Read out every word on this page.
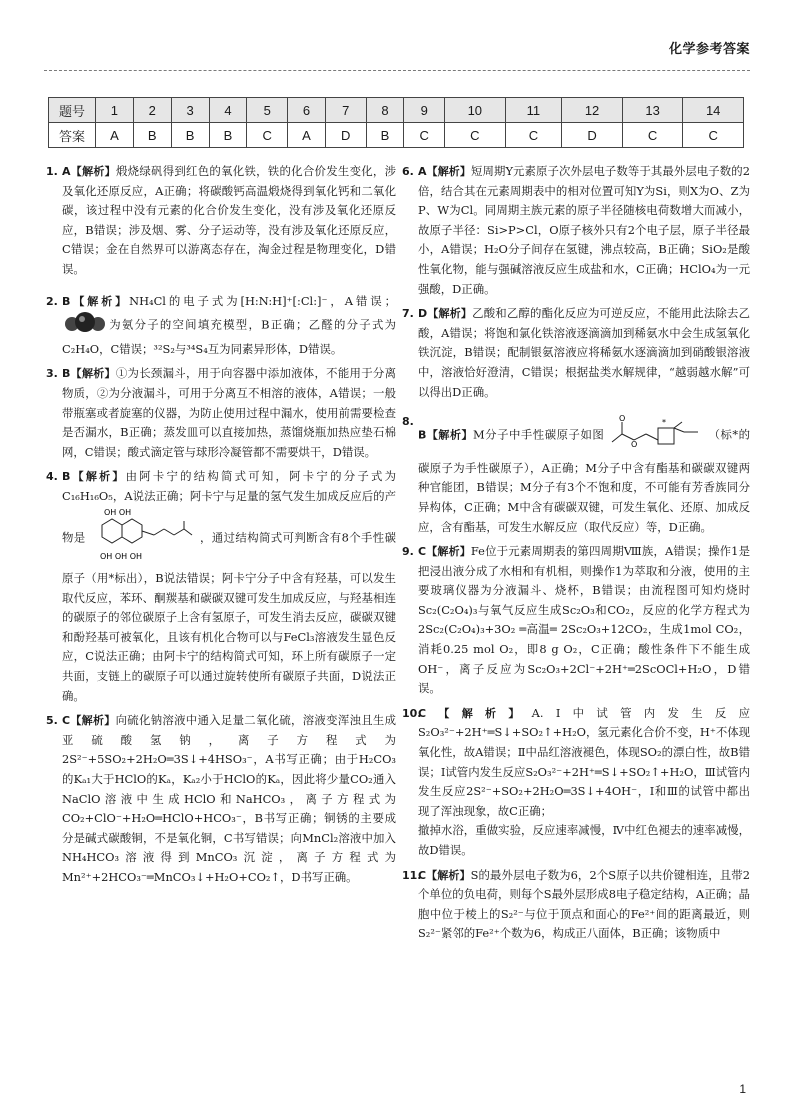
化学参考答案
题号	1	2	3	4	5	6	7	8	9	10	11	12	13	14
答案	A	B	B	B	C	A	D	B	C	C	C	D	C	C
1. A【解析】煅烧绿矾得到红色的氧化铁，铁的化合价发生变化，涉及氧化还原反应，A正确；将碳酸钙高温煅烧得到氧化钙和二氧化碳，该过程中没有元素的化合价发生变化，没有涉及氧化还原反应，B错误；涉及烟、雾、分子运动等，没有涉及氧化还原反应，C错误；金在自然界可以游离态存在，淘金过程是物理变化，D错误。
2. B【解析】NH₄Cl的电子式为[H:N:H]⁺[:Cl:]⁻，A错误； 为氨分子的空间填充模型，B正确；乙醛的分子式为C₂H₄O，C错误；³²S₂与³⁴S₄互为同素异形体，D错误。
3. B【解析】①为长颈漏斗，用于向容器中添加液体，不能用于分离物质，②为分液漏斗，可用于分离互不相溶的液体，A错误；一般带瓶塞或者旋塞的仪器，为防止使用过程中漏水，使用前需要检查是否漏水，B正确；蒸发皿可以直接加热，蒸馏烧瓶加热应垫石棉网，C错误；酸式滴定管与球形冷凝管都不需要烘干，D错误。
4. B【解析】由阿卡宁的结构简式可知，阿卡宁的分子式为C₁₆H₁₆O₅，A说法正确；阿卡宁与足量的氢气发生加成反应后的产物是
OH OH
OH OH OH
，通过结构简式可判断含有8个手性碳原子（用*标出），B说法错误；阿卡宁分子中含有羟基，可以发生取代反应，苯环、酮羰基和碳碳双键可发生加成反应，与羟基相连的碳原子的邻位碳原子上含有氢原子，可发生消去反应，碳碳双键和酚羟基可被氧化，且该有机化合物可以与FeCl₃溶液发生显色反应，C说法正确；由阿卡宁的结构简式可知，环上所有碳原子一定共面，支链上的碳原子可以通过旋转使所有碳原子共面，D说法正确。
5. C【解析】向硫化钠溶液中通入足量二氧化硫，溶液变浑浊且生成亚硫酸氢钠，离子方程式为2S²⁻+5SO₂+2H₂O═3S↓+4HSO₃⁻，A书写正确；由于H₂CO₃的Kₐ₁大于HClO的Kₐ，Kₐ₂小于HClO的Kₐ，因此将少量CO₂通入NaClO溶液中生成HClO和NaHCO₃，离子方程式为CO₂+ClO⁻+H₂O═HClO+HCO₃⁻，B书写正确；铜锈的主要成分是碱式碳酸铜，不是氧化铜，C书写错误；向MnCl₂溶液中加入NH₄HCO₃溶液得到MnCO₃沉淀，离子方程式为Mn²⁺+2HCO₃⁻═MnCO₃↓+H₂O+CO₂↑，D书写正确。
6. A【解析】短周期Y元素原子次外层电子数等于其最外层电子数的2倍，结合其在元素周期表中的相对位置可知Y为Si，则X为O、Z为P、W为Cl。同周期主族元素的原子半径随核电荷数增大而减小，故原子半径：Si>P>Cl，O原子核外只有2个电子层，原子半径最小，A错误；H₂O分子间存在氢键，沸点较高，B正确；SiO₂是酸性氧化物，能与强碱溶液反应生成盐和水，C正确；HClO₄为一元强酸，D正确。
7. D【解析】乙酸和乙醇的酯化反应为可逆反应，不能用此法除去乙酸，A错误；将饱和氯化铁溶液逐滴滴加到稀氨水中会生成氢氧化铁沉淀，B错误；配制银氨溶液应将稀氨水逐滴滴加到硝酸银溶液中，溶液恰好澄清，C错误；根据盐类水解规律，“越弱越水解”可以得出D正确。
8.
B【解析】M分子中手性碳原子如图
O
O
*
（标*的碳原子为手性碳原子），A正确；M分子中含有酯基和碳碳双键两种官能团，B错误；M分子有3个不饱和度，不可能有芳香族同分异构体，C正确；M中含有碳碳双键，可发生氧化、还原、加成反应，含有酯基，可发生水解反应（取代反应）等，D正确。
9. C【解析】Fe位于元素周期表的第四周期Ⅷ族，A错误；操作1是把浸出液分成了水相和有机相，则操作1为萃取和分液，使用的主要玻璃仪器为分液漏斗、烧杯，B错误；由流程图可知灼烧时Sc₂(C₂O₄)₃与氧气反应生成Sc₂O₃和CO₂，反应的化学方程式为2Sc₂(C₂O₄)₃+3O₂ ═高温═ 2Sc₂O₃+12CO₂，生成1mol CO₂，消耗0.25 mol O₂，即8 g O₂，C正确；酸性条件下不能生成OH⁻，离子反应为Sc₂O₃+2Cl⁻+2H⁺═2ScOCl+H₂O，D错误。
10.
C【解析】A.Ⅰ中试管内发生反应S₂O₃²⁻+2H⁺═S↓+SO₂↑+H₂O，氢元素化合价不变，H⁺不体现氧化性，故A错误；Ⅱ中品红溶液褪色，体现SO₂的漂白性，故B错误；Ⅰ试管内发生反应S₂O₃²⁻+2H⁺═S↓+SO₂↑+H₂O，Ⅲ试管内发生反应2S²⁻+SO₂+2H₂O═3S↓+4OH⁻，Ⅰ和Ⅲ的试管中都出现了浑浊现象，故C正确；
撤掉水浴，重做实验，反应速率减慢，Ⅳ中红色褪去的速率减慢，故D错误。
11.
C【解析】S的最外层电子数为6，2个S原子以共价键相连，且带2个单位的负电荷，则每个S最外层形成8电子稳定结构，A正确；晶胞中位于棱上的S₂²⁻与位于顶点和面心的Fe²⁺间的距离最近，则S₂²⁻紧邻的Fe²⁺个数为6，构成正八面体，B正确；该物质中
1
